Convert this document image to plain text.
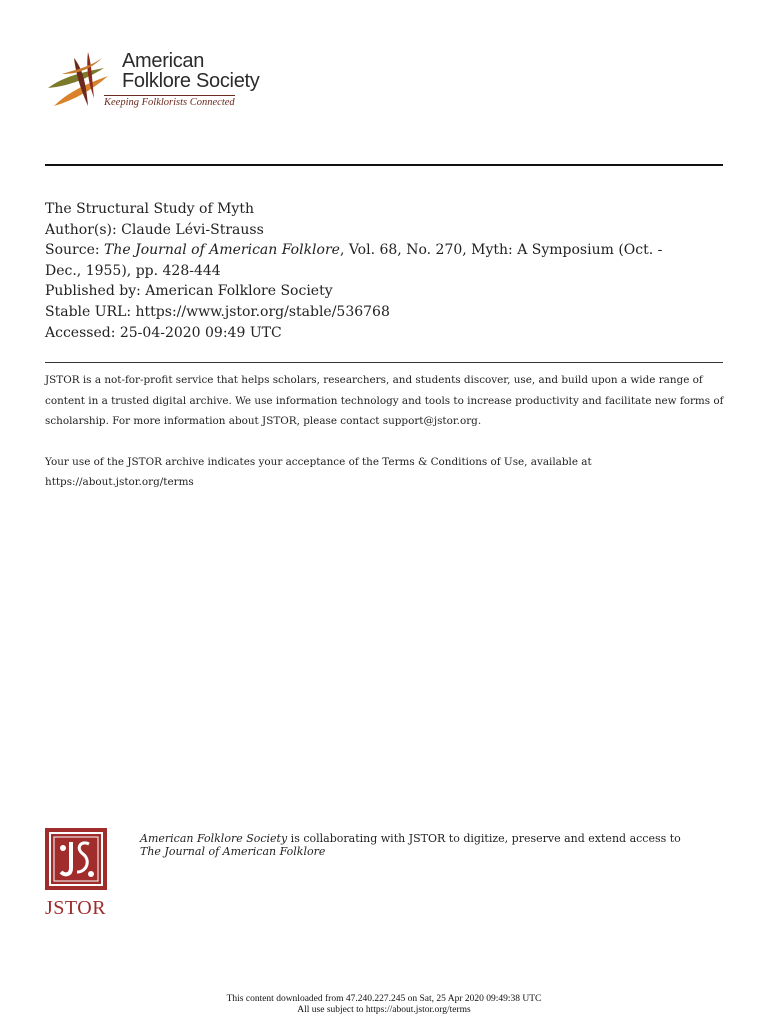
American
Folklore Society
Keeping Folklorists Connected
The Structural Study of Myth
Author(s): Claude Lévi-Strauss
Source: The Journal of American Folklore, Vol. 68, No. 270, Myth: A Symposium (Oct. -
Dec., 1955), pp. 428-444
Published by: American Folklore Society
Stable URL: https://www.jstor.org/stable/536768
Accessed: 25-04-2020 09:49 UTC

JSTOR is a not-for-profit service that helps scholars, researchers, and students discover, use, and build upon a wide range of content in a trusted digital archive. We use information technology and tools to increase productivity and facilitate new forms of scholarship. For more information about JSTOR, please contact support@jstor.org.

Your use of the JSTOR archive indicates your acceptance of the Terms & Conditions of Use, available at
https://about.jstor.org/terms

JSTOR
American Folklore Society is collaborating with JSTOR to digitize, preserve and extend access to The Journal of American Folklore
This content downloaded from 47.240.227.245 on Sat, 25 Apr 2020 09:49:38 UTC
All use subject to https://about.jstor.org/terms
